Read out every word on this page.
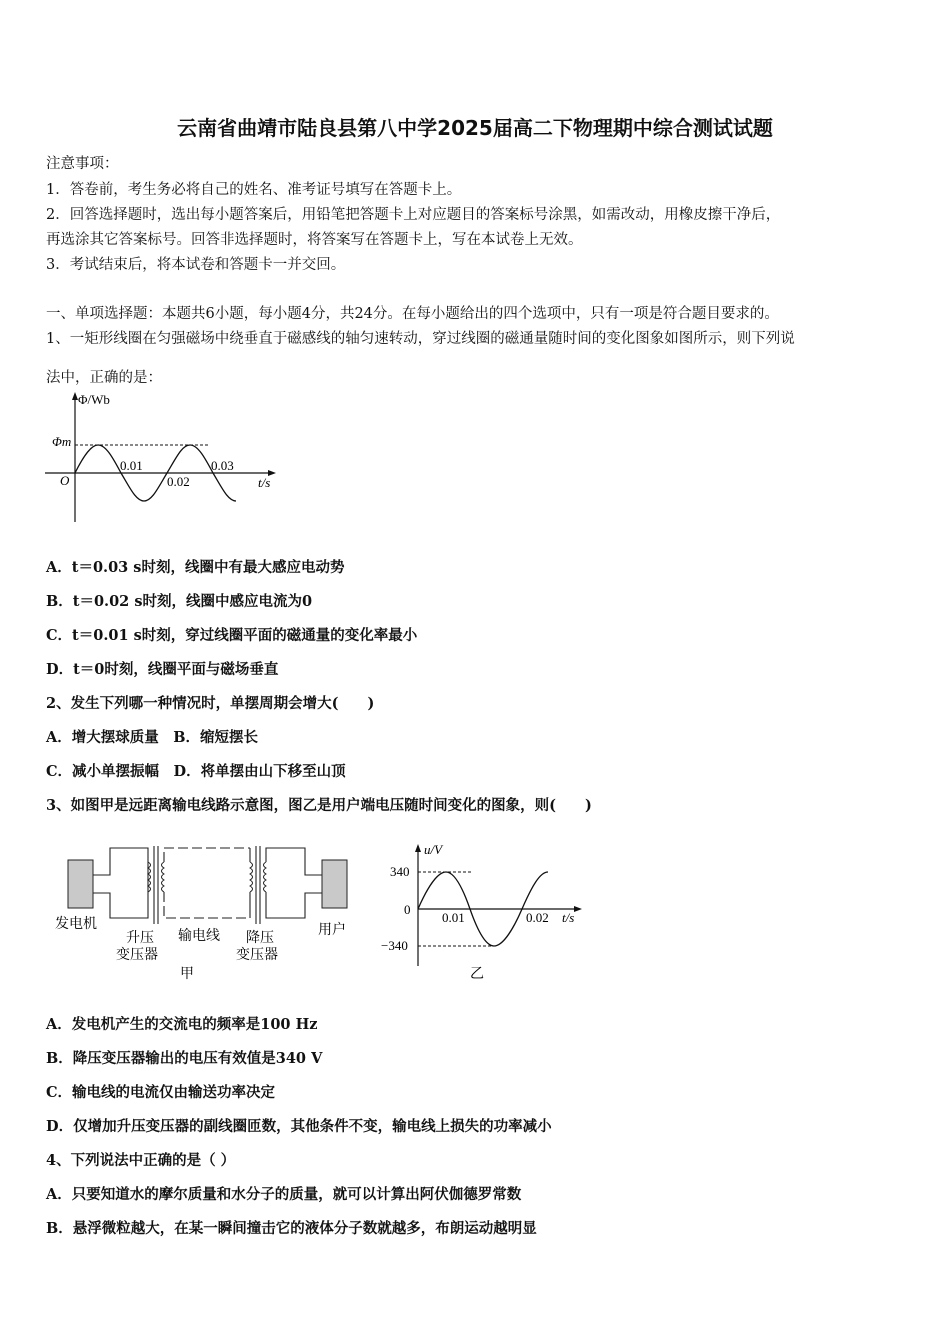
云南省曲靖市陆良县第八中学2025届高二下物理期中综合测试试题
注意事项：
1．答卷前，考生务必将自己的姓名、准考证号填写在答题卡上。
2．回答选择题时，选出每小题答案后，用铅笔把答题卡上对应题目的答案标号涂黑，如需改动，用橡皮擦干净后，
再选涂其它答案标号。回答非选择题时，将答案写在答题卡上，写在本试卷上无效。
3．考试结束后，将本试卷和答题卡一并交回。
一、单项选择题：本题共6小题，每小题4分，共24分。在每小题给出的四个选项中，只有一项是符合题目要求的。
1、一矩形线圈在匀强磁场中绕垂直于磁感线的轴匀速转动，穿过线圈的磁通量随时间的变化图象如图所示，则下列说
法中，正确的是：
Φ/Wb
Φm
O
0.01
0.02
0.03
t/s
A．t＝0.03 s时刻，线圈中有最大感应电动势
B．t＝0.02 s时刻，线圈中感应电流为0
C．t＝0.01 s时刻，穿过线圈平面的磁通量的变化率最小
D．t＝0时刻，线圈平面与磁场垂直
2、发生下列哪一种情况时，单摆周期会增大(　　)
A．增大摆球质量　B．缩短摆长
C．减小单摆振幅　D．将单摆由山下移至山顶
3、如图甲是远距离输电线路示意图，图乙是用户端电压随时间变化的图象，则(　　)
发电机
升压
变压器
输电线 降压
变压器
用户
甲
u/V
340
0
−340
0.01	0.02 t/s
乙
A．发电机产生的交流电的频率是100 Hz
B．降压变压器输出的电压有效值是340 V
C．输电线的电流仅由输送功率决定
D．仅增加升压变压器的副线圈匝数，其他条件不变，输电线上损失的功率减小
4、下列说法中正确的是（ ）
A．只要知道水的摩尔质量和水分子的质量，就可以计算出阿伏伽德罗常数
B．悬浮微粒越大，在某一瞬间撞击它的液体分子数就越多，布朗运动越明显
